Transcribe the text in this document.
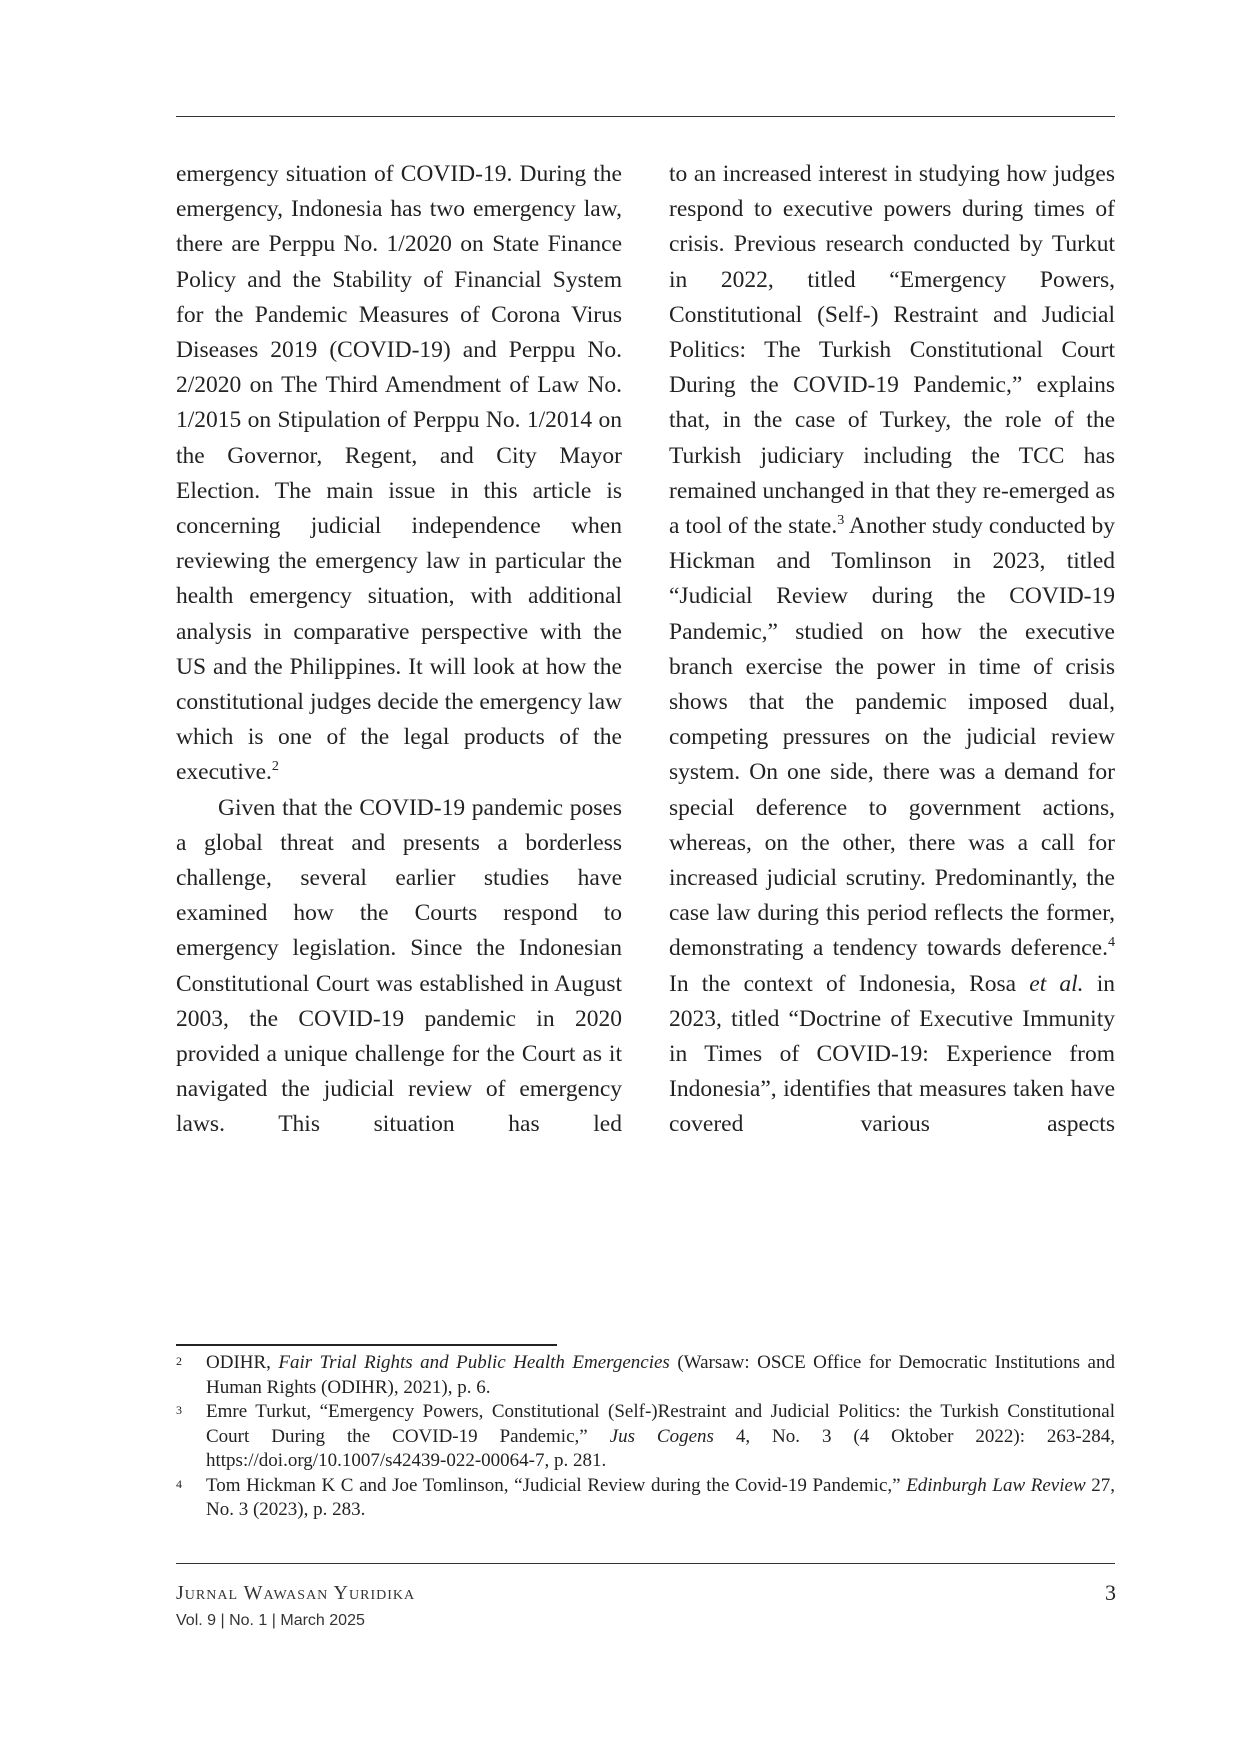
emergency situation of COVID-19. During the emergency, Indonesia has two emergency law, there are Perppu No. 1/2020 on State Finance Policy and the Stability of Financial System for the Pandemic Measures of Corona Virus Diseases 2019 (COVID-19) and Perppu No. 2/2020 on The Third Amendment of Law No. 1/2015 on Stipulation of Perppu No. 1/2014 on the Governor, Regent, and City Mayor Election. The main issue in this article is concerning judicial independence when reviewing the emergency law in particular the health emergency situation, with additional analysis in comparative perspective with the US and the Philippines. It will look at how the constitutional judges decide the emergency law which is one of the legal products of the executive.$^2$

Given that the COVID-19 pandemic poses a global threat and presents a borderless challenge, several earlier studies have examined how the Courts respond to emergency legislation. Since the Indonesian Constitutional Court was established in August 2003, the COVID-19 pandemic in 2020 provided a unique challenge for the Court as it navigated the judicial review of emergency laws. This situation has led

to an increased interest in studying how judges respond to executive powers during times of crisis. Previous research conducted by Turkut in 2022, titled “Emergency Powers, Constitutional (Self-) Restraint and Judicial Politics: The Turkish Constitutional Court During the COVID-19 Pandemic,” explains that, in the case of Turkey, the role of the Turkish judiciary including the TCC has remained unchanged in that they re-emerged as a tool of the state.$^3$ Another study conducted by Hickman and Tomlinson in 2023, titled “Judicial Review during the COVID-19 Pandemic,” studied on how the executive branch exercise the power in time of crisis shows that the pandemic imposed dual, competing pressures on the judicial review system. On one side, there was a demand for special deference to government actions, whereas, on the other, there was a call for increased judicial scrutiny. Predominantly, the case law during this period reflects the former, demonstrating a tendency towards deference.$^4$ In the context of Indonesia, Rosa et al. in 2023, titled “Doctrine of Executive Immunity in Times of COVID-19: Experience from Indonesia”, identifies that measures taken have covered various aspects

2	ODIHR, Fair Trial Rights and Public Health Emergencies (Warsaw: OSCE Office for Democratic Institutions and Human Rights (ODIHR), 2021), p. 6.
3	Emre Turkut, “Emergency Powers, Constitutional (Self-)Restraint and Judicial Politics: the Turkish Constitutional Court During the COVID-19 Pandemic,” Jus Cogens 4, No. 3 (4 Oktober 2022): 263-284, https://doi.org/10.1007/s42439-022-00064-7, p. 281.
4	Tom Hickman K C and Joe Tomlinson, “Judicial Review during the Covid-19 Pandemic,” Edinburgh Law Review 27, No. 3 (2023), p. 283.
Jurnal Wawasan Yuridika
Vol. 9 | No. 1 | March 2025
3
